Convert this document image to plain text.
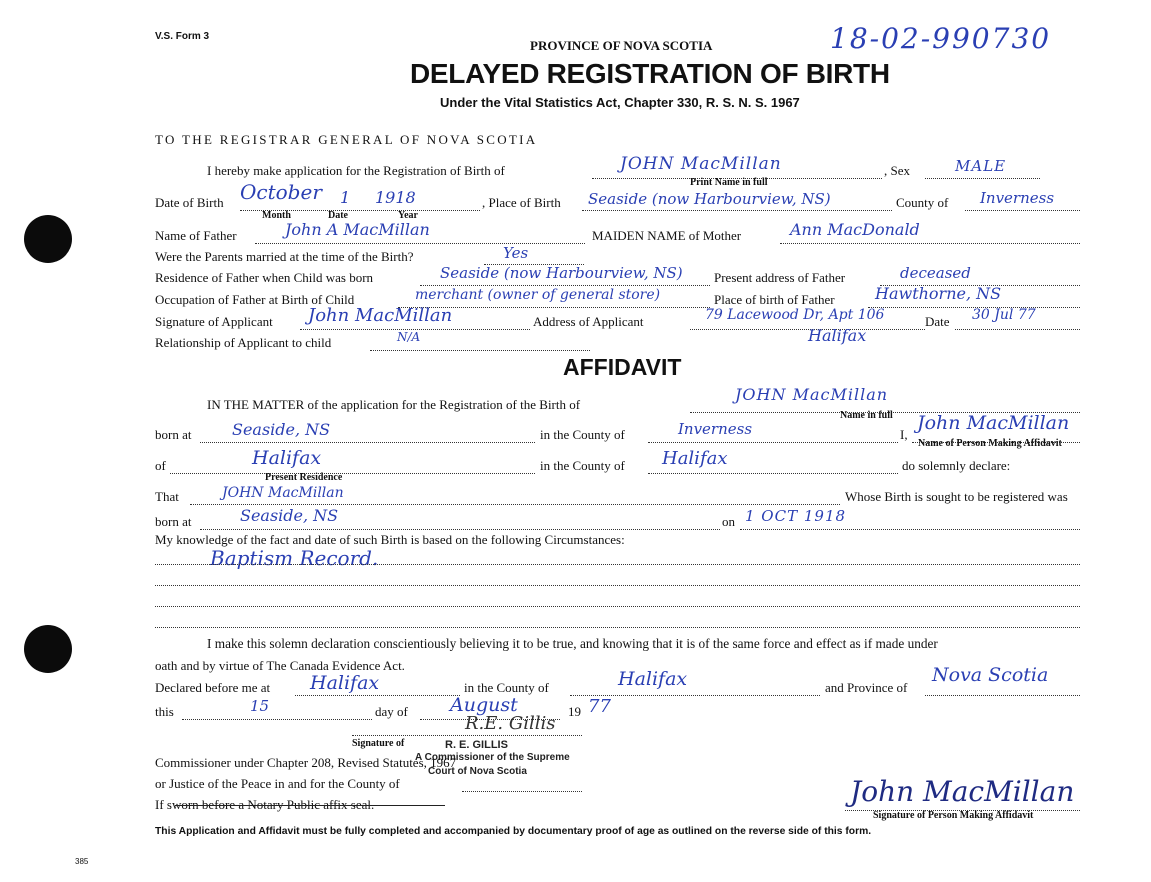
V.S. Form 3
PROVINCE OF NOVA SCOTIA
DELAYED REGISTRATION OF BIRTH
Under the Vital Statistics Act, Chapter 330, R. S. N. S. 1967
18-02-990730
TO THE REGISTRAR GENERAL OF NOVA SCOTIA
I hereby make application for the Registration of Birth of	JOHN MacMillan
Print Name in full
, Sex	MALE
Date of Birth October 1 1918
Month	Date	Year
, Place of Birth Seaside (now Harbourview, NS)	County of Inverness
Name of Father	John A MacMillan	MAIDEN NAME of Mother	Ann MacDonald
Were the Parents married at the time of the Birth?	Yes
Residence of Father when Child was born	Seaside (now Harbourview, NS) Present address of Father	deceased
Occupation of Father at Birth of Child	merchant (owner of general store)	Place of birth of Father	Hawthorne, NS
Signature of Applicant John MacMillan	Address of Applicant	79 Lacewood Dr, Apt 106	Date 30 Jul 77
Halifax
Relationship of Applicant to child	N/A
AFFIDAVIT
IN THE MATTER of the application for the Registration of the Birth of
JOHN MacMillan
Name in full
born at	Seaside, NS	in the County of	Inverness	I,
John MacMillan
Name of Person Making Affidavit
of	Halifax
Present Residence
in the County of Halifax	do solemnly declare:
That	JOHN MacMillan	Whose Birth is sought to be registered was
born at	Seaside, NS	on 1 OCT 1918
My knowledge of the fact and date of such Birth is based on the following Circumstances:
Baptism Record.
I make this solemn declaration conscientiously believing it to be true, and knowing that it is of the same force and effect as if made under
oath and by virtue of The Canada Evidence Act.
Declared before me at Halifax	in the County of	Halifax	and Province of
Nova Scotia
this	15	day of August	19 77
R.E. Gillis
Signature of	R. E. GILLIS
A Commissioner of the Supreme
Court of Nova Scotia
Commissioner under Chapter 208, Revised Statutes, 1967
or Justice of the Peace in and for the County of
If sworn before a Notary Public affix seal.	John MacMillan
Signature of Person Making Affidavit
This Application and Affidavit must be fully completed and accompanied by documentary proof of age as outlined on the reverse side of this form.
385
